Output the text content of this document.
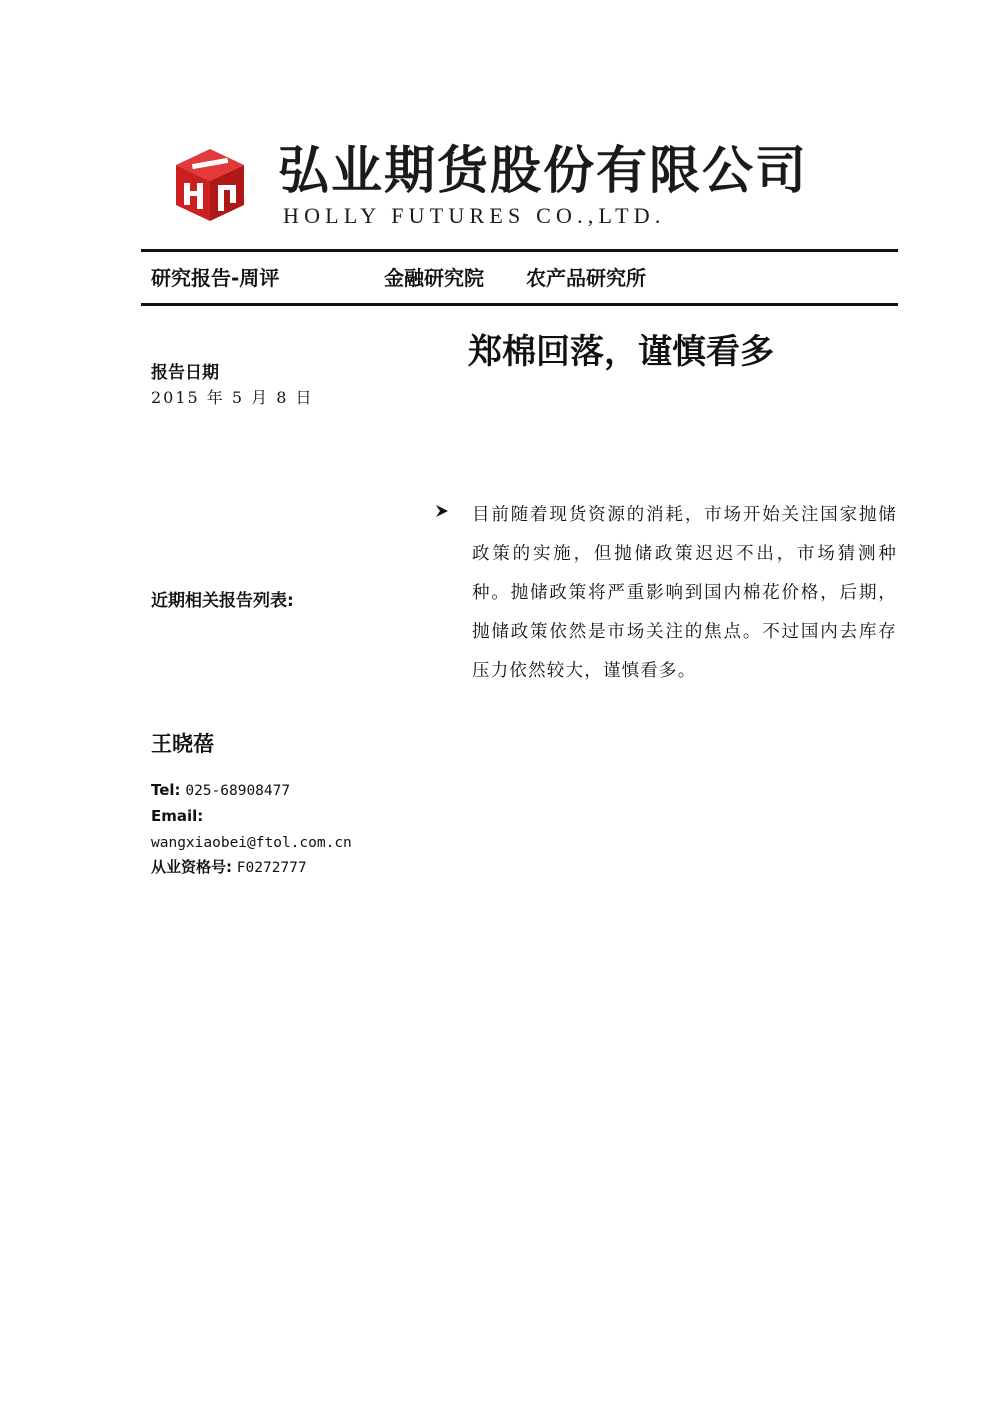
弘业期货股份有限公司
HOLLY FUTURES CO.,LTD.
研究报告-周评	金融研究院 农产品研究所
郑棉回落，谨慎看多
报告日期
2015 年 5 月 8 日
近期相关报告列表:
王晓蓓
Tel: 025-68908477
Email:
wangxiaobei@ftol.com.cn
从业资格号: F0272777

目前随着现货资源的消耗，市场开始关注国家抛储政策的实施，但抛储政策迟迟不出，市场猜测种种。抛储政策将严重影响到国内棉花价格，后期，抛储政策依然是市场关注的焦点。不过国内去库存压力依然较大，谨慎看多。
